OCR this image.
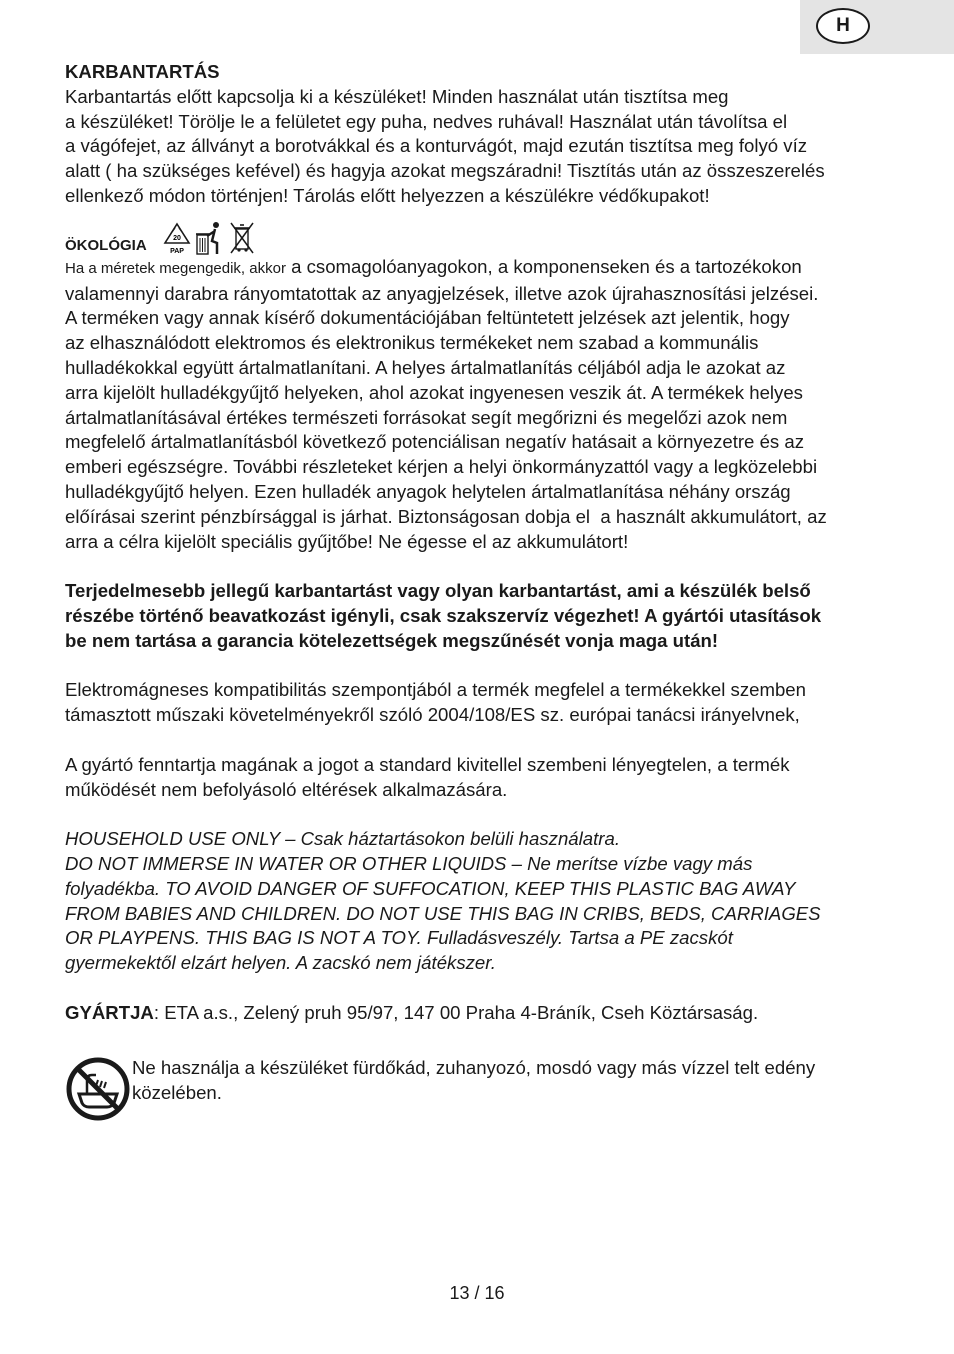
H
KARBANTARTÁS
Karbantartás előtt kapcsolja ki a készüléket! Minden használat után tisztítsa meg
a készüléket! Törölje le a felületet egy puha, nedves ruhával! Használat után távolítsa el
a vágófejet, az állványt a borotvákkal és a konturvágót, majd ezután tisztítsa meg folyó víz
alatt ( ha szükséges kefével) és hagyja azokat megszáradni! Tisztítás után az összeszerelés
ellenkező módon történjen! Tárolás előtt helyezzen a készülékre védőkupakot!
ÖKOLÓGIA	20
PAP
Ha a méretek megengedik, akkor a csomagolóanyagokon, a komponenseken és a tartozékokon
valamennyi darabra rányomtatottak az anyagjelzések, illetve azok újrahasznosítási jelzései.
A terméken vagy annak kísérő dokumentációjában feltüntetett jelzések azt jelentik, hogy
az elhasználódott elektromos és elektronikus termékeket nem szabad a kommunális
hulladékokkal együtt ártalmatlanítani. A helyes ártalmatlanítás céljából adja le azokat az
arra kijelölt hulladékgyűjtő helyeken, ahol azokat ingyenesen veszik át. A termékek helyes
ártalmatlanításával értékes természeti forrásokat segít megőrizni és megelőzi azok nem
megfelelő ártalmatlanításból következő potenciálisan negatív hatásait a környezetre és az
emberi egészségre. További részleteket kérjen a helyi önkormányzattól vagy a legközelebbi
hulladékgyűjtő helyen. Ezen hulladék anyagok helytelen ártalmatlanítása néhány ország
előírásai szerint pénzbírsággal is járhat. Biztonságosan dobja el  a használt akkumulátort, az
arra a célra kijelölt speciális gyűjtőbe! Ne égesse el az akkumulátort!
Terjedelmesebb jellegű karbantartást vagy olyan karbantartást, ami a készülék belső
részébe történő beavatkozást igényli, csak szakszervíz végezhet! A gyártói utasítások
be nem tartása a garancia kötelezettségek megszűnését vonja maga után!
Elektromágneses kompatibilitás szempontjából a termék megfelel a termékekkel szemben
támasztott műszaki követelményekről szóló 2004/108/ES sz. európai tanácsi irányelvnek,
A gyártó fenntartja magának a jogot a standard kivitellel szembeni lényegtelen, a termék
működését nem befolyásoló eltérések alkalmazására.
HOUSEHOLD USE ONLY – Csak háztartásokon belüli használatra.
DO NOT IMMERSE IN WATER OR OTHER LIQUIDS – Ne merítse vízbe vagy más
folyadékba. TO AVOID DANGER OF SUFFOCATION, KEEP THIS PLASTIC BAG AWAY
FROM BABIES AND CHILDREN. DO NOT USE THIS BAG IN CRIBS, BEDS, CARRIAGES
OR PLAYPENS. THIS BAG IS NOT A TOY. Fulladásveszély. Tartsa a PE zacskót
gyermekektől elzárt helyen. A zacskó nem játékszer.
GYÁRTJA: ETA a.s., Zelený pruh 95/97, 147 00 Praha 4-Bráník, Cseh Köztársaság.
Ne használja a készüléket fürdőkád, zuhanyozó, mosdó vagy más vízzel telt edény
közelében.
13 / 16
